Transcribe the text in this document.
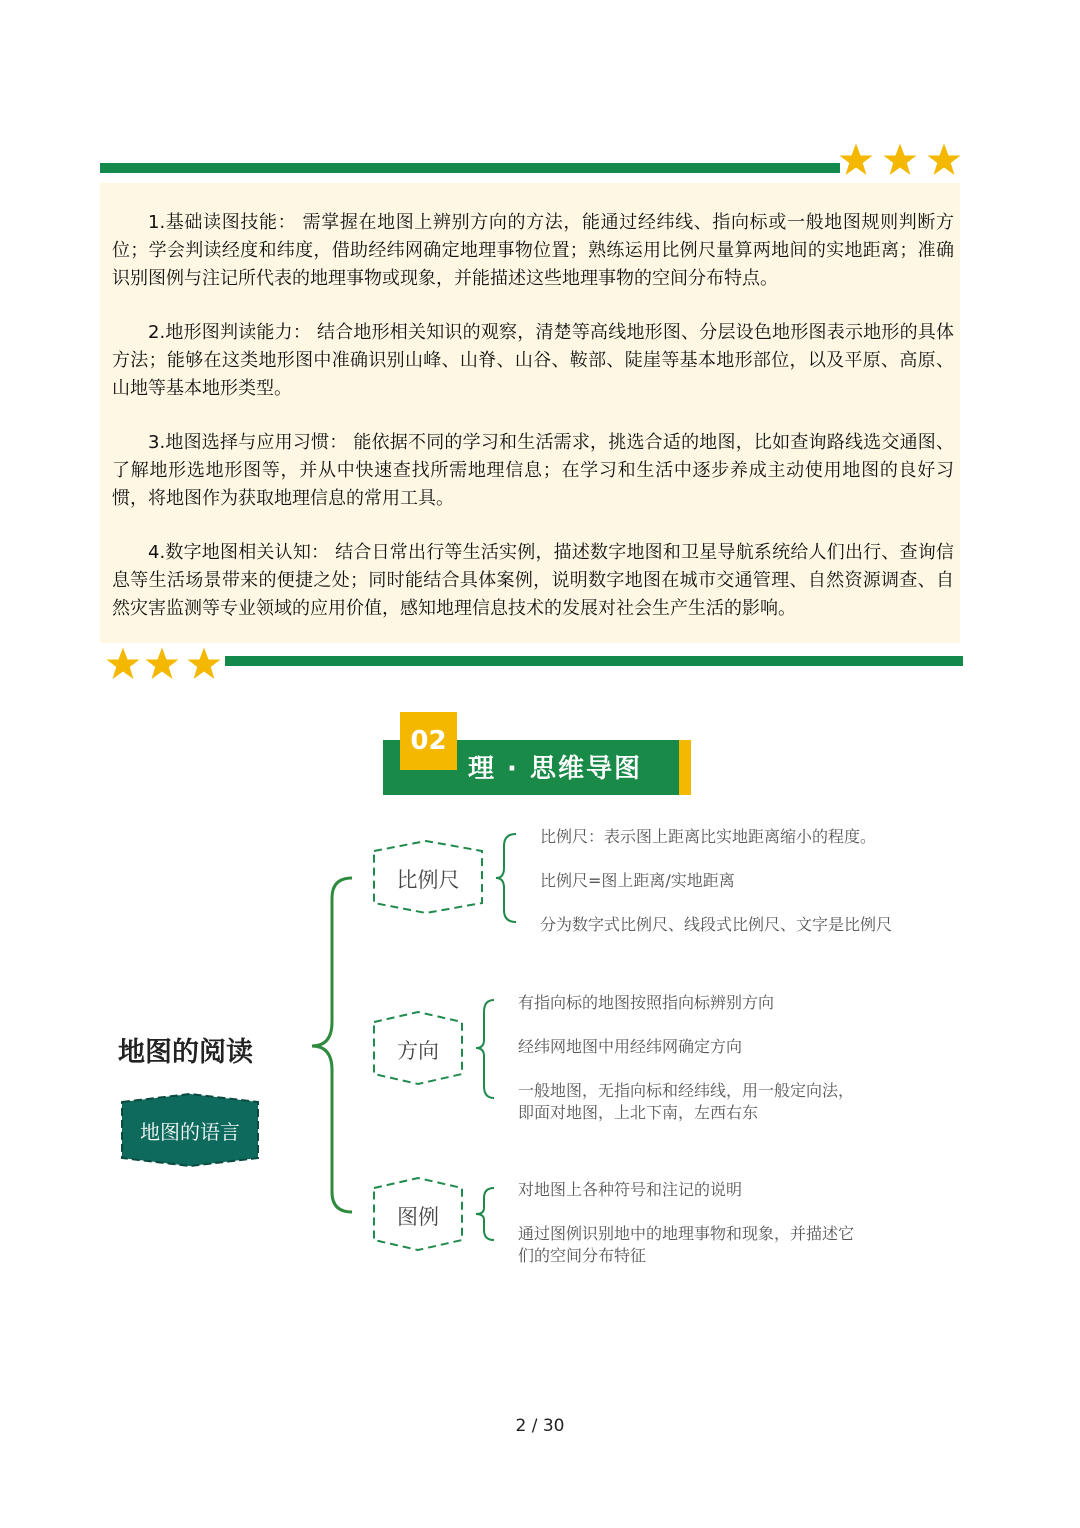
1.基础读图技能： 需掌握在地图上辨别方向的方法，能通过经纬线、指向标或一般地图规则判断方位；学会判读经度和纬度，借助经纬网确定地理事物位置；熟练运用比例尺量算两地间的实地距离；准确识别图例与注记所代表的地理事物或现象，并能描述这些地理事物的空间分布特点。
2.地形图判读能力： 结合地形相关知识的观察，清楚等高线地形图、分层设色地形图表示地形的具体方法；能够在这类地形图中准确识别山峰、山脊、山谷、鞍部、陡崖等基本地形部位，以及平原、高原、山地等基本地形类型。
3.地图选择与应用习惯： 能依据不同的学习和生活需求，挑选合适的地图，比如查询路线选交通图、了解地形选地形图等，并从中快速查找所需地理信息；在学习和生活中逐步养成主动使用地图的良好习惯，将地图作为获取地理信息的常用工具。
4.数字地图相关认知： 结合日常出行等生活实例，描述数字地图和卫星导航系统给人们出行、查询信息等生活场景带来的便捷之处；同时能结合具体案例，说明数字地图在城市交通管理、自然资源调查、自然灾害监测等专业领域的应用价值，感知地理信息技术的发展对社会生产生活的影响。
02
理 · 思维导图
地图的阅读
地图的语言
比例尺
方向
图例
比例尺：表示图上距离比实地距离缩小的程度。
比例尺=图上距离/实地距离
分为数字式比例尺、线段式比例尺、文字是比例尺
有指向标的地图按照指向标辨别方向
经纬网地图中用经纬网确定方向
一般地图，无指向标和经纬线，用一般定向法，
即面对地图，上北下南，左西右东
对地图上各种符号和注记的说明
通过图例识别地中的地理事物和现象，并描述它
们的空间分布特征
2 / 30
